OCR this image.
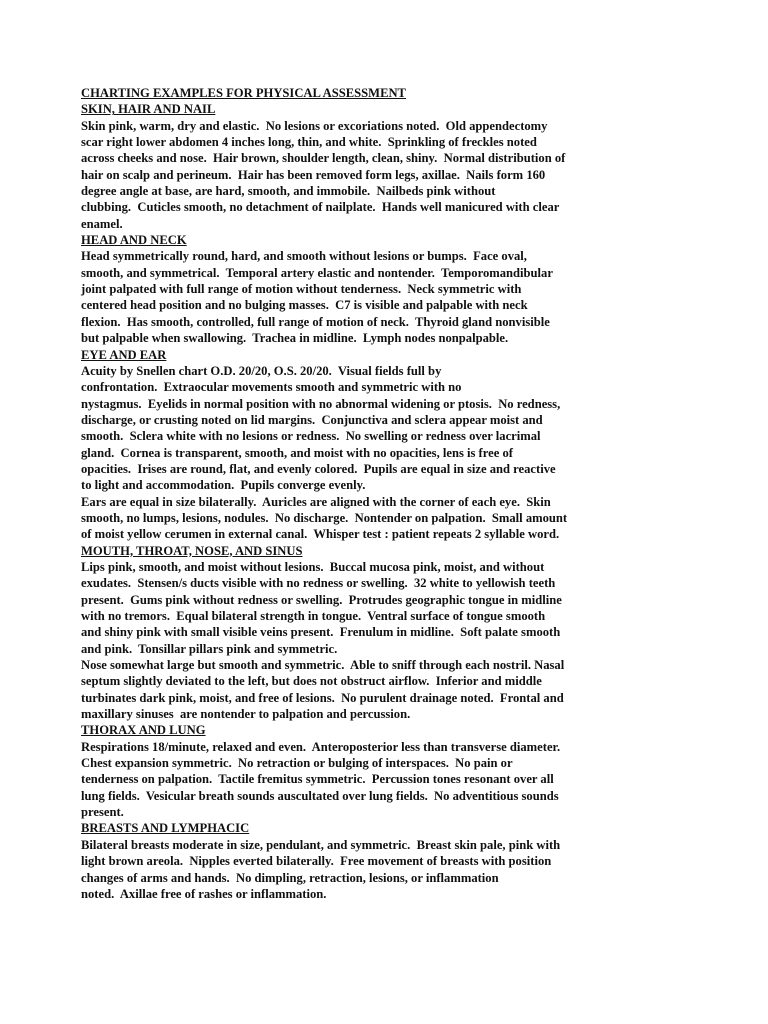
CHARTING EXAMPLES FOR PHYSICAL ASSESSMENT
SKIN, HAIR AND NAIL
Skin pink, warm, dry and elastic.  No lesions or excoriations noted.  Old appendectomy
scar right lower abdomen 4 inches long, thin, and white.  Sprinkling of freckles noted
across cheeks and nose.  Hair brown, shoulder length, clean, shiny.  Normal distribution of
hair on scalp and perineum.  Hair has been removed form legs, axillae.  Nails form 160
degree angle at base, are hard, smooth, and immobile.  Nailbeds pink without
clubbing.  Cuticles smooth, no detachment of nailplate.  Hands well manicured with clear
enamel.
HEAD AND NECK
Head symmetrically round, hard, and smooth without lesions or bumps.  Face oval,
smooth, and symmetrical.  Temporal artery elastic and nontender.  Temporomandibular
joint palpated with full range of motion without tenderness.  Neck symmetric with
centered head position and no bulging masses.  C7 is visible and palpable with neck
flexion.  Has smooth, controlled, full range of motion of neck.  Thyroid gland nonvisible
but palpable when swallowing.  Trachea in midline.  Lymph nodes nonpalpable.
EYE AND EAR
Acuity by Snellen chart O.D. 20/20, O.S. 20/20.  Visual fields full by
confrontation.  Extraocular movements smooth and symmetric with no
nystagmus.  Eyelids in normal position with no abnormal widening or ptosis.  No redness,
discharge, or crusting noted on lid margins.  Conjunctiva and sclera appear moist and
smooth.  Sclera white with no lesions or redness.  No swelling or redness over lacrimal
gland.  Cornea is transparent, smooth, and moist with no opacities, lens is free of
opacities.  Irises are round, flat, and evenly colored.  Pupils are equal in size and reactive
to light and accommodation.  Pupils converge evenly.
Ears are equal in size bilaterally.  Auricles are aligned with the corner of each eye.  Skin
smooth, no lumps, lesions, nodules.  No discharge.  Nontender on palpation.  Small amount
of moist yellow cerumen in external canal.  Whisper test : patient repeats 2 syllable word.
MOUTH, THROAT, NOSE, AND SINUS
Lips pink, smooth, and moist without lesions.  Buccal mucosa pink, moist, and without
exudates.  Stensen/s ducts visible with no redness or swelling.  32 white to yellowish teeth
present.  Gums pink without redness or swelling.  Protrudes geographic tongue in midline
with no tremors.  Equal bilateral strength in tongue.  Ventral surface of tongue smooth
and shiny pink with small visible veins present.  Frenulum in midline.  Soft palate smooth
and pink.  Tonsillar pillars pink and symmetric.
Nose somewhat large but smooth and symmetric.  Able to sniff through each nostril. Nasal
septum slightly deviated to the left, but does not obstruct airflow.  Inferior and middle
turbinates dark pink, moist, and free of lesions.  No purulent drainage noted.  Frontal and
maxillary sinuses  are nontender to palpation and percussion.
THORAX AND LUNG
Respirations 18/minute, relaxed and even.  Anteroposterior less than transverse diameter.
Chest expansion symmetric.  No retraction or bulging of interspaces.  No pain or
tenderness on palpation.  Tactile fremitus symmetric.  Percussion tones resonant over all
lung fields.  Vesicular breath sounds auscultated over lung fields.  No adventitious sounds
present.
BREASTS AND LYMPHACIC
Bilateral breasts moderate in size, pendulant, and symmetric.  Breast skin pale, pink with
light brown areola.  Nipples everted bilaterally.  Free movement of breasts with position
changes of arms and hands.  No dimpling, retraction, lesions, or inflammation
noted.  Axillae free of rashes or inflammation.
